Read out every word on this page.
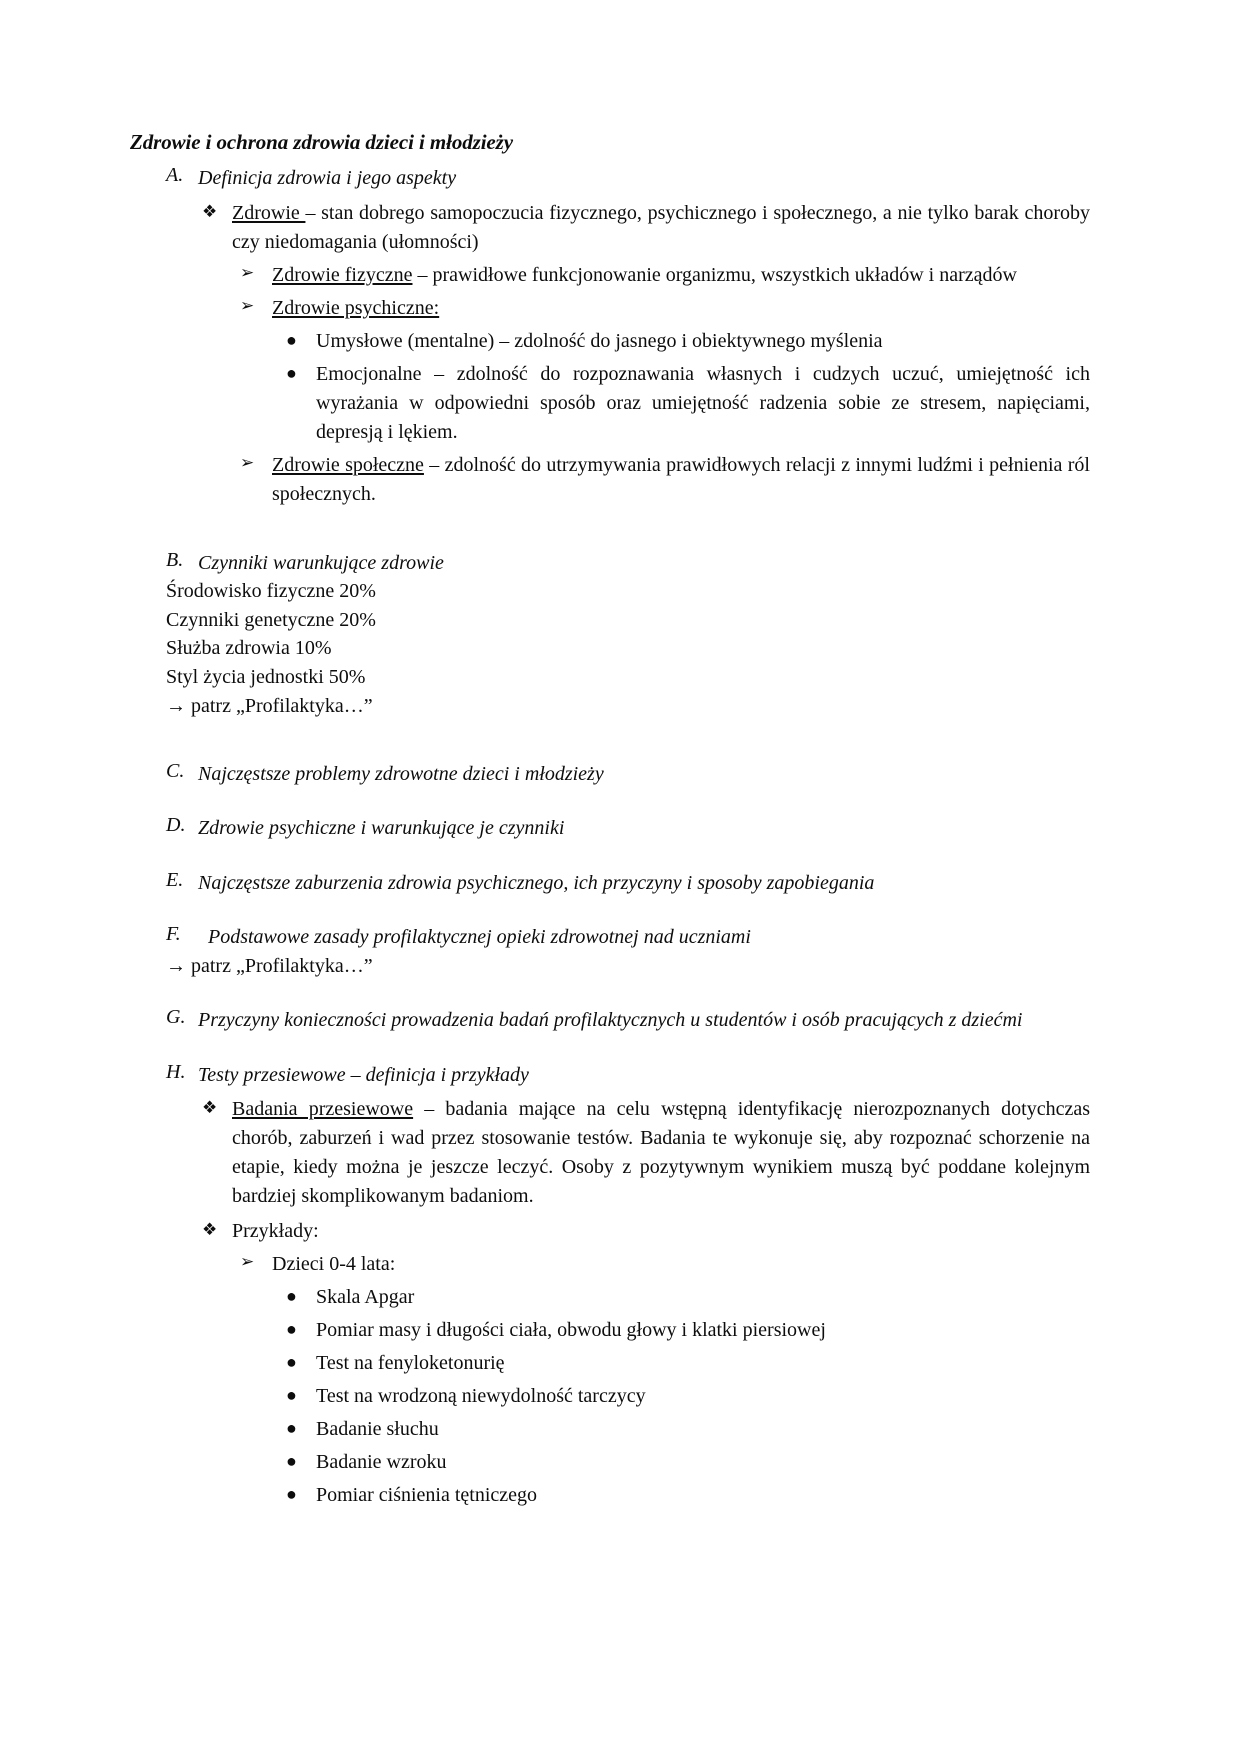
Zdrowie i ochrona zdrowia dzieci i młodzieży
A. Definicja zdrowia i jego aspekty
❖ Zdrowie – stan dobrego samopoczucia fizycznego, psychicznego i społecznego, a nie tylko barak choroby czy niedomagania (ułomności)
➢ Zdrowie fizyczne – prawidłowe funkcjonowanie organizmu, wszystkich układów i narządów
➢ Zdrowie psychiczne:
● Umysłowe (mentalne) – zdolność do jasnego i obiektywnego myślenia
● Emocjonalne – zdolność do rozpoznawania własnych i cudzych uczuć, umiejętność ich wyrażania w odpowiedni sposób oraz umiejętność radzenia sobie ze stresem, napięciami, depresją i lękiem.
➢ Zdrowie społeczne – zdolność do utrzymywania prawidłowych relacji z innymi ludźmi i pełnienia ról społecznych.
B. Czynniki warunkujące zdrowie
Środowisko fizyczne 20%
Czynniki genetyczne 20%
Służba zdrowia 10%
Styl życia jednostki 50%
→ patrz „Profilaktyka…”
C. Najczęstsze problemy zdrowotne dzieci i młodzieży
D. Zdrowie psychiczne i warunkujące je czynniki
E. Najczęstsze zaburzenia zdrowia psychicznego, ich przyczyny i sposoby zapobiegania
F.	Podstawowe zasady profilaktycznej opieki zdrowotnej nad uczniami
→ patrz „Profilaktyka…”
G. Przyczyny konieczności prowadzenia badań profilaktycznych u studentów i osób pracujących z dziećmi
H. Testy przesiewowe – definicja i przykłady
❖ Badania przesiewowe – badania mające na celu wstępną identyfikację nierozpoznanych dotychczas chorób, zaburzeń i wad przez stosowanie testów. Badania te wykonuje się, aby rozpoznać schorzenie na etapie, kiedy można je jeszcze leczyć. Osoby z pozytywnym wynikiem muszą być poddane kolejnym bardziej skomplikowanym badaniom.
❖ Przykłady:
➢ Dzieci 0-4 lata:
● Skala Apgar
● Pomiar masy i długości ciała, obwodu głowy i klatki piersiowej
● Test na fenyloketonurię
● Test na wrodzoną niewydolność tarczycy
● Badanie słuchu
● Badanie wzroku
● Pomiar ciśnienia tętniczego
